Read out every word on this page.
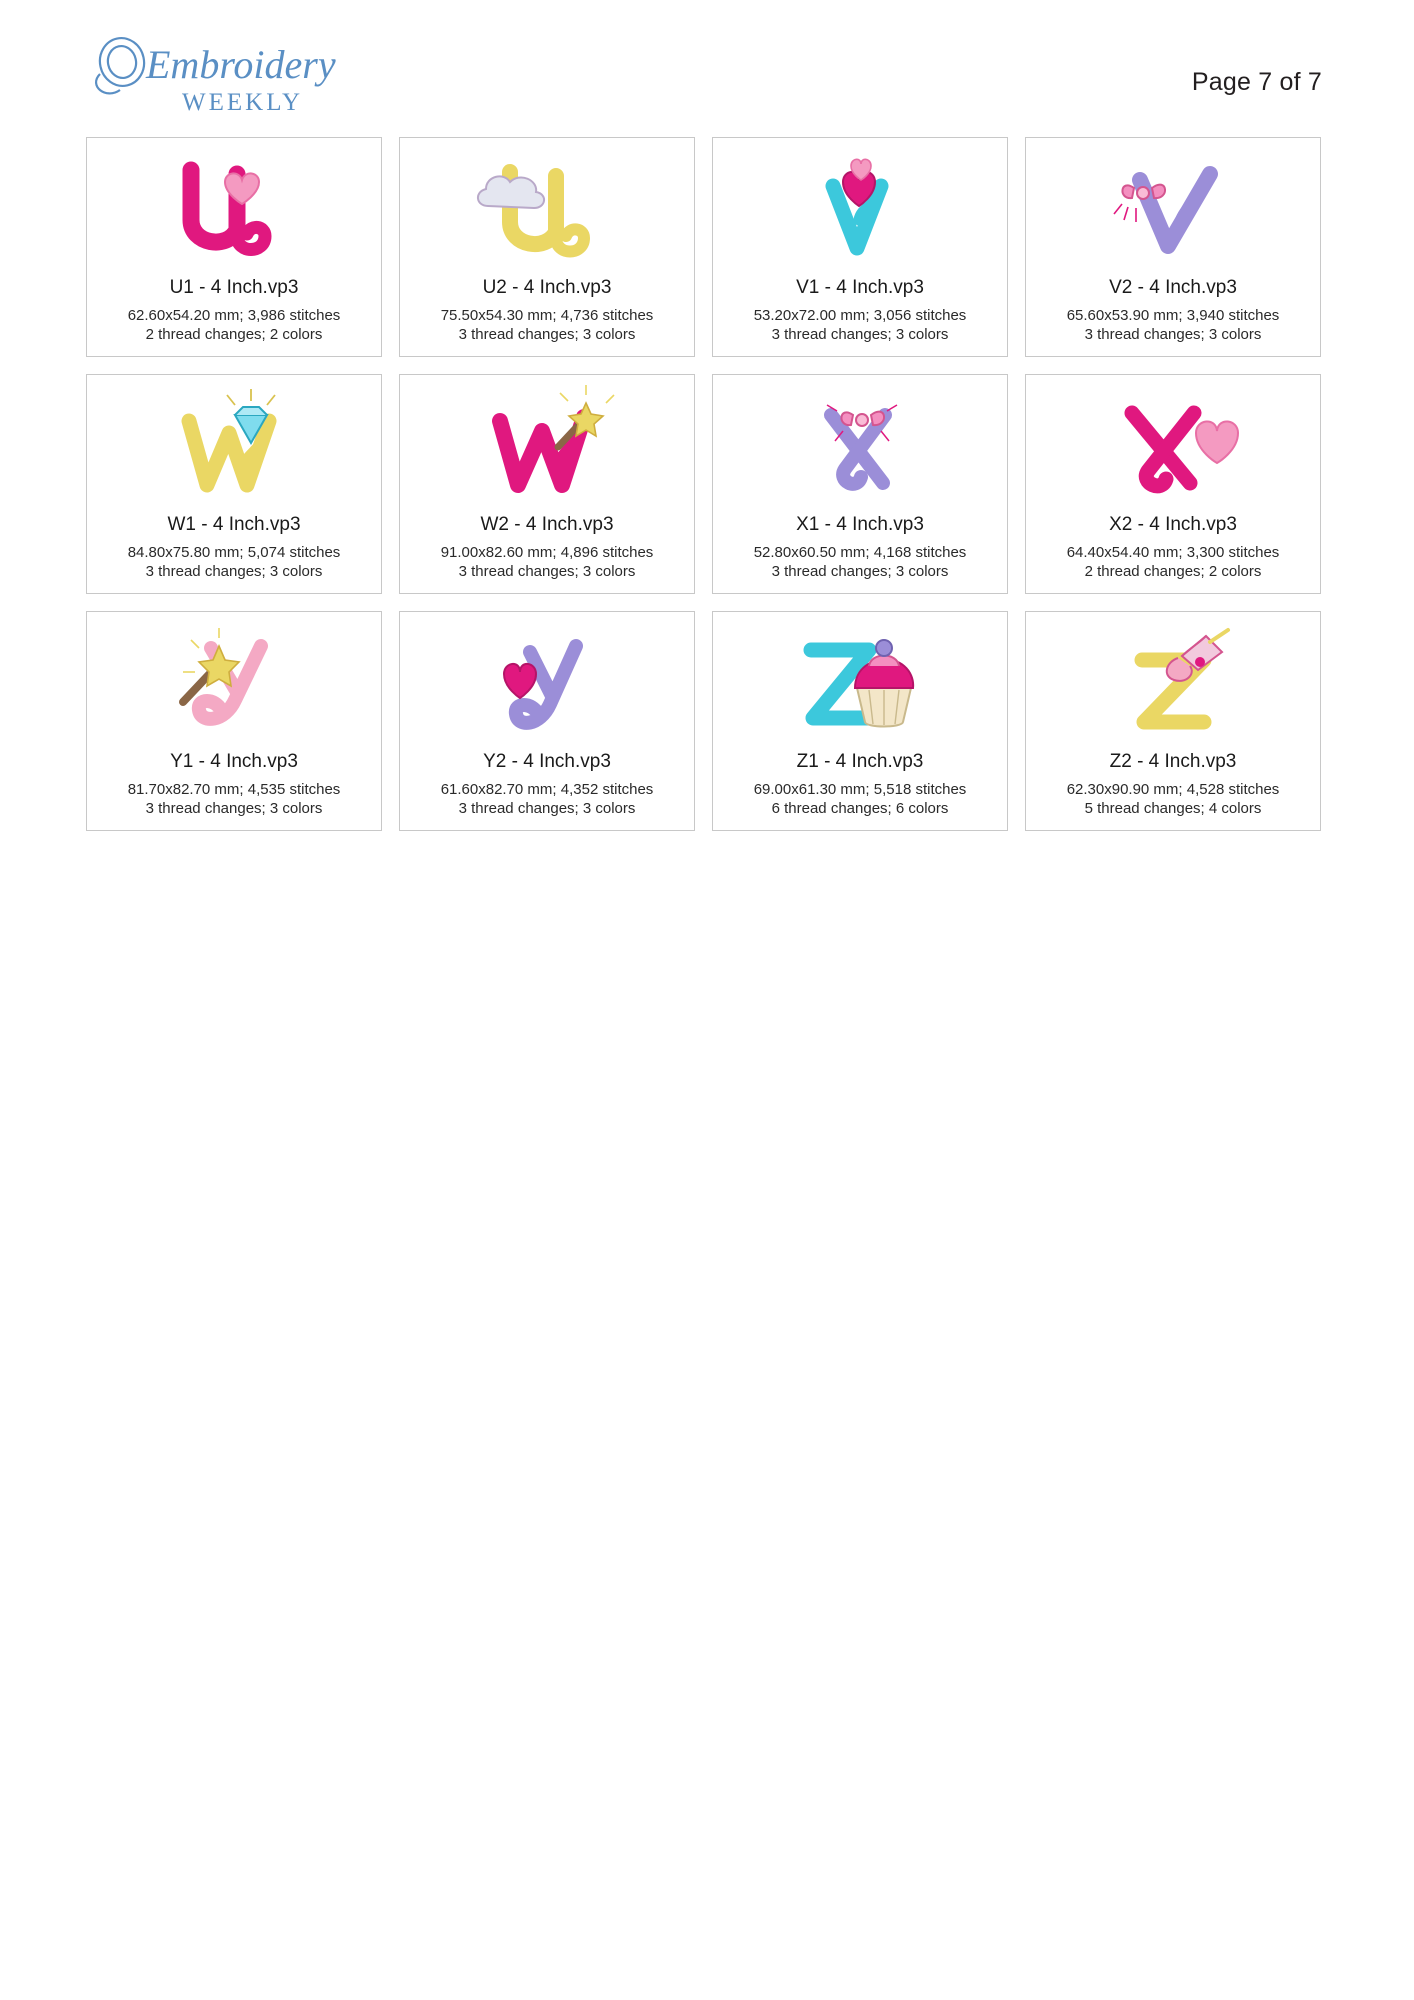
Embroidery
WEEKLY
Page 7 of 7
U1 - 4 Inch.vp3
62.60x54.20 mm; 3,986 stitches
2 thread changes; 2 colors
U2 - 4 Inch.vp3
75.50x54.30 mm; 4,736 stitches
3 thread changes; 3 colors
V1 - 4 Inch.vp3
53.20x72.00 mm; 3,056 stitches
3 thread changes; 3 colors
V2 - 4 Inch.vp3
65.60x53.90 mm; 3,940 stitches
3 thread changes; 3 colors
W1 - 4 Inch.vp3
84.80x75.80 mm; 5,074 stitches
3 thread changes; 3 colors
W2 - 4 Inch.vp3
91.00x82.60 mm; 4,896 stitches
3 thread changes; 3 colors
X1 - 4 Inch.vp3
52.80x60.50 mm; 4,168 stitches
3 thread changes; 3 colors
X2 - 4 Inch.vp3
64.40x54.40 mm; 3,300 stitches
2 thread changes; 2 colors
Y1 - 4 Inch.vp3
81.70x82.70 mm; 4,535 stitches
3 thread changes; 3 colors
Y2 - 4 Inch.vp3
61.60x82.70 mm; 4,352 stitches
3 thread changes; 3 colors
Z1 - 4 Inch.vp3
69.00x61.30 mm; 5,518 stitches
6 thread changes; 6 colors
Z2 - 4 Inch.vp3
62.30x90.90 mm; 4,528 stitches
5 thread changes; 4 colors
